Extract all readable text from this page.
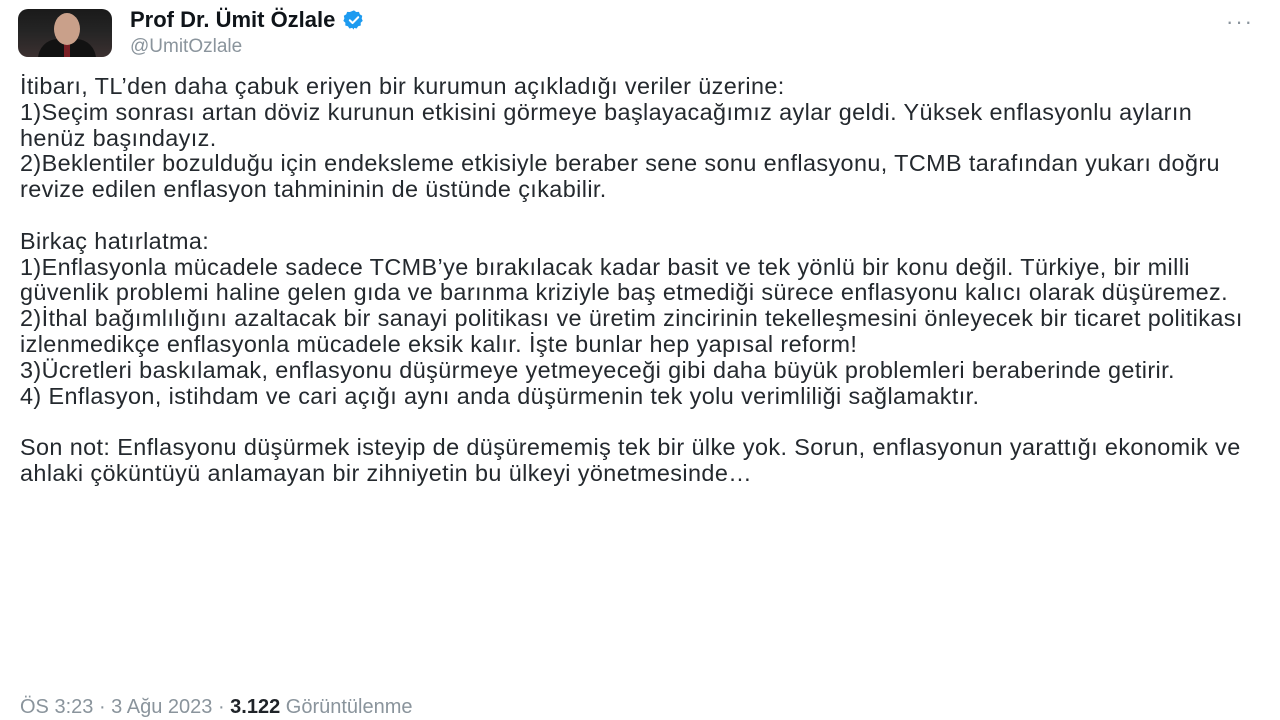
Prof Dr. Ümit Özlale
@UmitOzlale
···

İtibarı, TL’den daha çabuk eriyen bir kurumun açıkladığı veriler üzerine:
1)Seçim sonrası artan döviz kurunun etkisini görmeye başlayacağımız aylar geldi. Yüksek enflasyonlu ayların henüz başındayız.
2)Beklentiler bozulduğu için endeksleme etkisiyle beraber sene sonu enflasyonu, TCMB tarafından yukarı doğru revize edilen enflasyon tahmininin de üstünde çıkabilir.

Birkaç hatırlatma:
1)Enflasyonla mücadele sadece TCMB’ye bırakılacak kadar basit ve tek yönlü bir konu değil. Türkiye, bir milli güvenlik problemi haline gelen gıda ve barınma kriziyle baş etmediği sürece enflasyonu kalıcı olarak düşüremez.
2)İthal bağımlılığını azaltacak bir sanayi politikası ve üretim zincirinin tekelleşmesini önleyecek bir ticaret politikası izlenmedikçe enflasyonla mücadele eksik kalır. İşte bunlar hep yapısal reform!
3)Ücretleri baskılamak, enflasyonu düşürmeye yetmeyeceği gibi daha büyük problemleri beraberinde getirir.
4) Enflasyon, istihdam ve cari açığı aynı anda düşürmenin tek yolu verimliliği sağlamaktır.

Son not: Enflasyonu düşürmek isteyip de düşürememiş tek bir ülke yok. Sorun, enflasyonun yarattığı ekonomik ve ahlaki çöküntüyü anlamayan bir zihniyetin bu ülkeyi yönetmesinde…

ÖS 3:23 · 3 Ağu 2023 · 3.122 Görüntülenme
